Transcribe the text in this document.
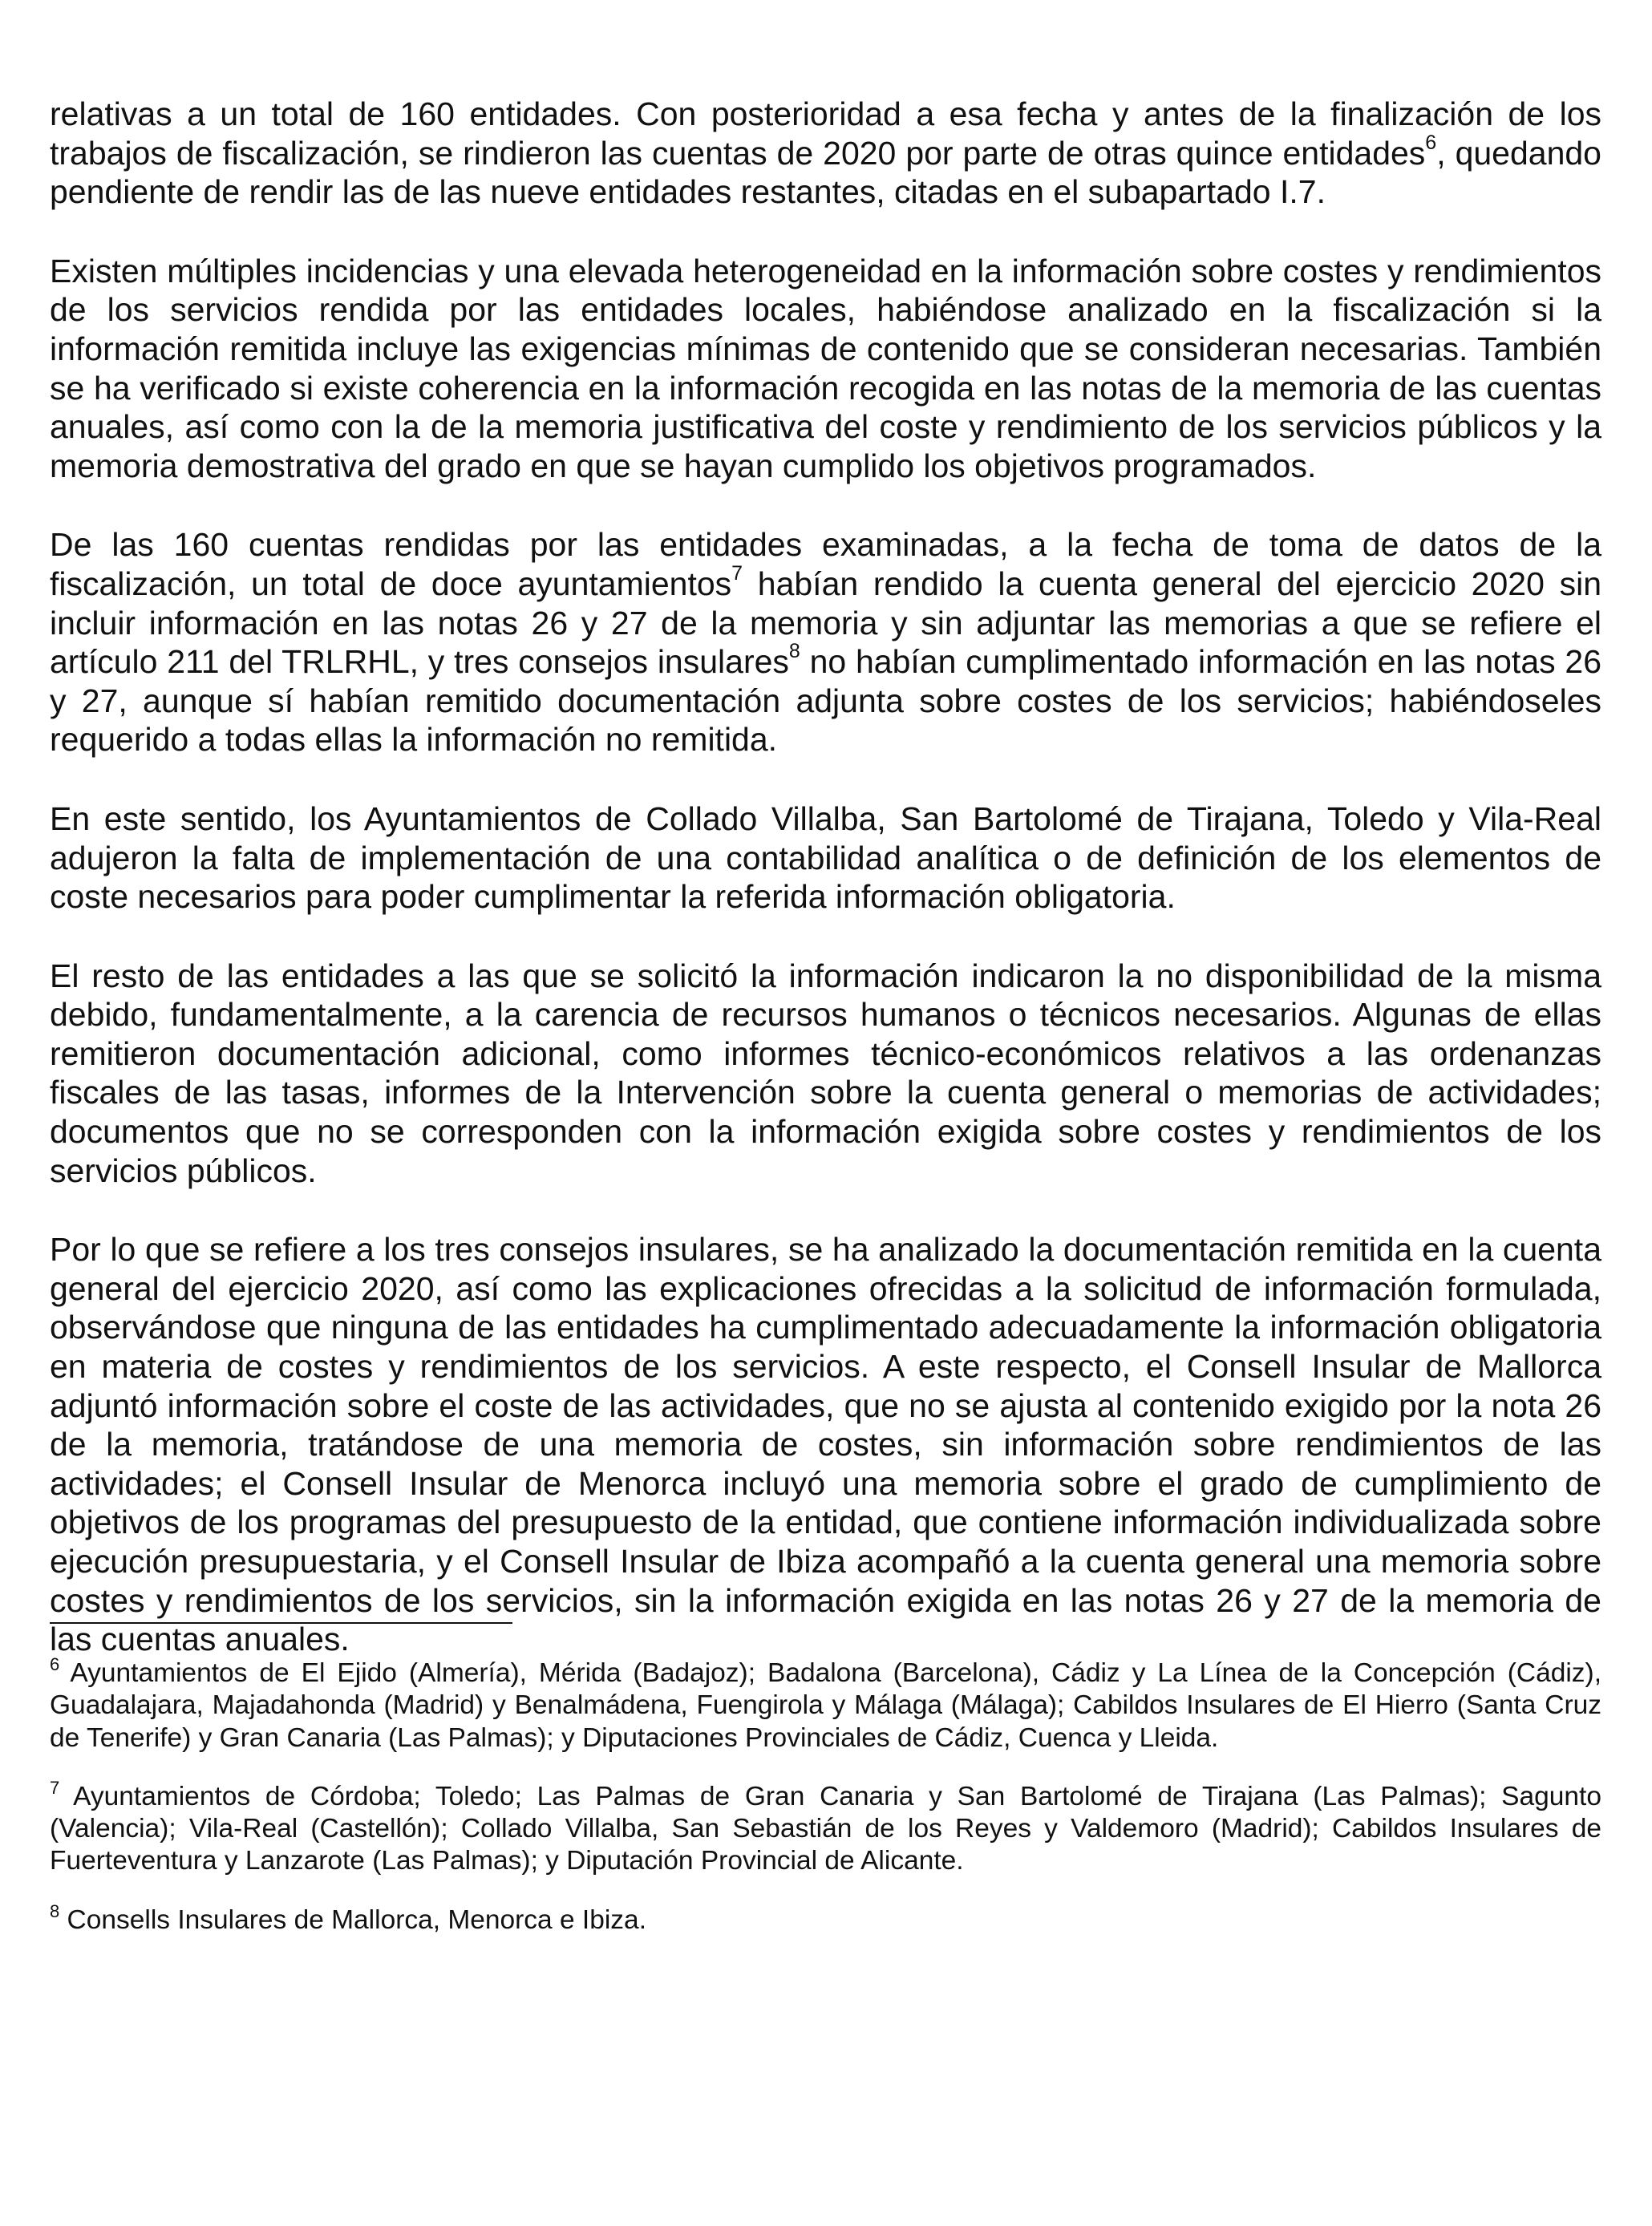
relativas a un total de 160 entidades. Con posterioridad a esa fecha y antes de la finalización de los trabajos de fiscalización, se rindieron las cuentas de 2020 por parte de otras quince entidades$^6$, quedando pendiente de rendir las de las nueve entidades restantes, citadas en el subapartado I.7.

Existen múltiples incidencias y una elevada heterogeneidad en la información sobre costes y rendimientos de los servicios rendida por las entidades locales, habiéndose analizado en la fiscalización si la información remitida incluye las exigencias mínimas de contenido que se consideran necesarias. También se ha verificado si existe coherencia en la información recogida en las notas de la memoria de las cuentas anuales, así como con la de la memoria justificativa del coste y rendimiento de los servicios públicos y la memoria demostrativa del grado en que se hayan cumplido los objetivos programados.

De las 160 cuentas rendidas por las entidades examinadas, a la fecha de toma de datos de la fiscalización, un total de doce ayuntamientos$^7$ habían rendido la cuenta general del ejercicio 2020 sin incluir información en las notas 26 y 27 de la memoria y sin adjuntar las memorias a que se refiere el artículo 211 del TRLRHL, y tres consejos insulares$^8$ no habían cumplimentado información en las notas 26 y 27, aunque sí habían remitido documentación adjunta sobre costes de los servicios; habiéndoseles requerido a todas ellas la información no remitida.

En este sentido, los Ayuntamientos de Collado Villalba, San Bartolomé de Tirajana, Toledo y Vila-Real adujeron la falta de implementación de una contabilidad analítica o de definición de los elementos de coste necesarios para poder cumplimentar la referida información obligatoria.

El resto de las entidades a las que se solicitó la información indicaron la no disponibilidad de la misma debido, fundamentalmente, a la carencia de recursos humanos o técnicos necesarios. Algunas de ellas remitieron documentación adicional, como informes técnico-económicos relativos a las ordenanzas fiscales de las tasas, informes de la Intervención sobre la cuenta general o memorias de actividades; documentos que no se corresponden con la información exigida sobre costes y rendimientos de los servicios públicos.

Por lo que se refiere a los tres consejos insulares, se ha analizado la documentación remitida en la cuenta general del ejercicio 2020, así como las explicaciones ofrecidas a la solicitud de información formulada, observándose que ninguna de las entidades ha cumplimentado adecuadamente la información obligatoria en materia de costes y rendimientos de los servicios. A este respecto, el Consell Insular de Mallorca adjuntó información sobre el coste de las actividades, que no se ajusta al contenido exigido por la nota 26 de la memoria, tratándose de una memoria de costes, sin información sobre rendimientos de las actividades; el Consell Insular de Menorca incluyó una memoria sobre el grado de cumplimiento de objetivos de los programas del presupuesto de la entidad, que contiene información individualizada sobre ejecución presupuestaria, y el Consell Insular de Ibiza acompañó a la cuenta general una memoria sobre costes y rendimientos de los servicios, sin la información exigida en las notas 26 y 27 de la memoria de las cuentas anuales.

$^6$ Ayuntamientos de El Ejido (Almería), Mérida (Badajoz); Badalona (Barcelona), Cádiz y La Línea de la Concepción (Cádiz), Guadalajara, Majadahonda (Madrid) y Benalmádena, Fuengirola y Málaga (Málaga); Cabildos Insulares de El Hierro (Santa Cruz de Tenerife) y Gran Canaria (Las Palmas); y Diputaciones Provinciales de Cádiz, Cuenca y Lleida.

$^7$ Ayuntamientos de Córdoba; Toledo; Las Palmas de Gran Canaria y San Bartolomé de Tirajana (Las Palmas); Sagunto (Valencia); Vila-Real (Castellón); Collado Villalba, San Sebastián de los Reyes y Valdemoro (Madrid); Cabildos Insulares de Fuerteventura y Lanzarote (Las Palmas); y Diputación Provincial de Alicante.

$^8$ Consells Insulares de Mallorca, Menorca e Ibiza.
